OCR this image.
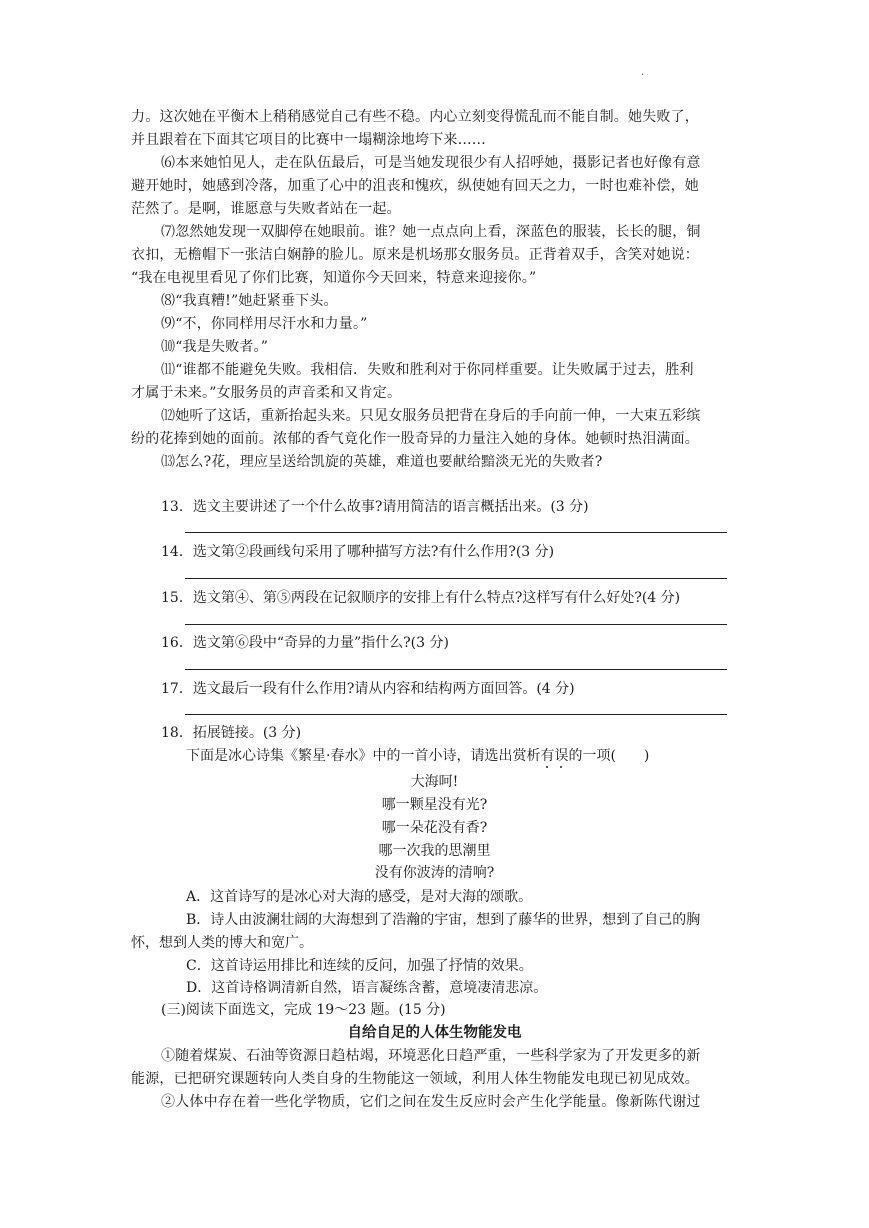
·
力。这次她在平衡木上稍稍感觉自己有些不稳。内心立刻变得慌乱而不能自制。她失败了，
并且跟着在下面其它项目的比赛中一塌糊涂地垮下来……
⑹本来她怕见人，走在队伍最后，可是当她发现很少有人招呼她，摄影记者也好像有意
避开她时，她感到冷落，加重了心中的沮丧和愧疚，纵使她有回天之力，一时也难补偿，她
茫然了。是啊，谁愿意与失败者站在一起。
⑺忽然她发现一双脚停在她眼前。谁？她一点点向上看，深蓝色的服装，长长的腿，铜
衣扣，无檐帽下一张洁白娴静的脸儿。原来是机场那女服务员。正背着双手，含笑对她说：
“我在电视里看见了你们比赛，知道你今天回来，特意来迎接你。”
⑻“我真糟!”她赶紧垂下头。
⑼“不，你同样用尽汗水和力量。”
⑽“我是失败者。”
⑾“谁都不能避免失败。我相信．失败和胜利对于你同样重要。让失败属于过去，胜利
才属于未来。”女服务员的声音柔和又肯定。
⑿她听了这话，重新抬起头来。只见女服务员把背在身后的手向前一伸，一大束五彩缤
纷的花捧到她的面前。浓郁的香气竟化作一股奇异的力量注入她的身体。她顿时热泪满面。
⒀怎么?花，理应呈送给凯旋的英雄，难道也要献给黯淡无光的失败者?
13．选文主要讲述了一个什么故事?请用简洁的语言概括出来。(3 分)
14．选文第②段画线句采用了哪种描写方法?有什么作用?(3 分)
15．选文第④、第⑤两段在记叙顺序的安排上有什么特点?这样写有什么好处?(4 分)
16．选文第⑥段中“奇异的力量”指什么?(3 分)
17．选文最后一段有什么作用?请从内容和结构两方面回答。(4 分)
18．拓展链接。(3 分)
下面是冰心诗集《繁星·春水》中的一首小诗，请选出赏析有误的一项(　　)
大海呵!
哪一颗星没有光?
哪一朵花没有香?
哪一次我的思潮里
没有你波涛的清响?
A．这首诗写的是冰心对大海的感受，是对大海的颂歌。
B．诗人由波澜壮阔的大海想到了浩瀚的宇宙，想到了藤华的世界，想到了自己的胸
怀，想到人类的博大和宽广。
C．这首诗运用排比和连续的反问，加强了抒情的效果。
D．这首诗格调清新自然，语言凝练含蓄，意境凄清悲凉。
(三)阅读下面选文，完成 19～23 题。(15 分)
自给自足的人体生物能发电
①随着煤炭、石油等资源日趋枯竭，环境恶化日趋严重，一些科学家为了开发更多的新
能源，已把研究课题转向人类自身的生物能这一领域，利用人体生物能发电现已初见成效。
②人体中存在着一些化学物质，它们之间在发生反应时会产生化学能量。像新陈代谢过
